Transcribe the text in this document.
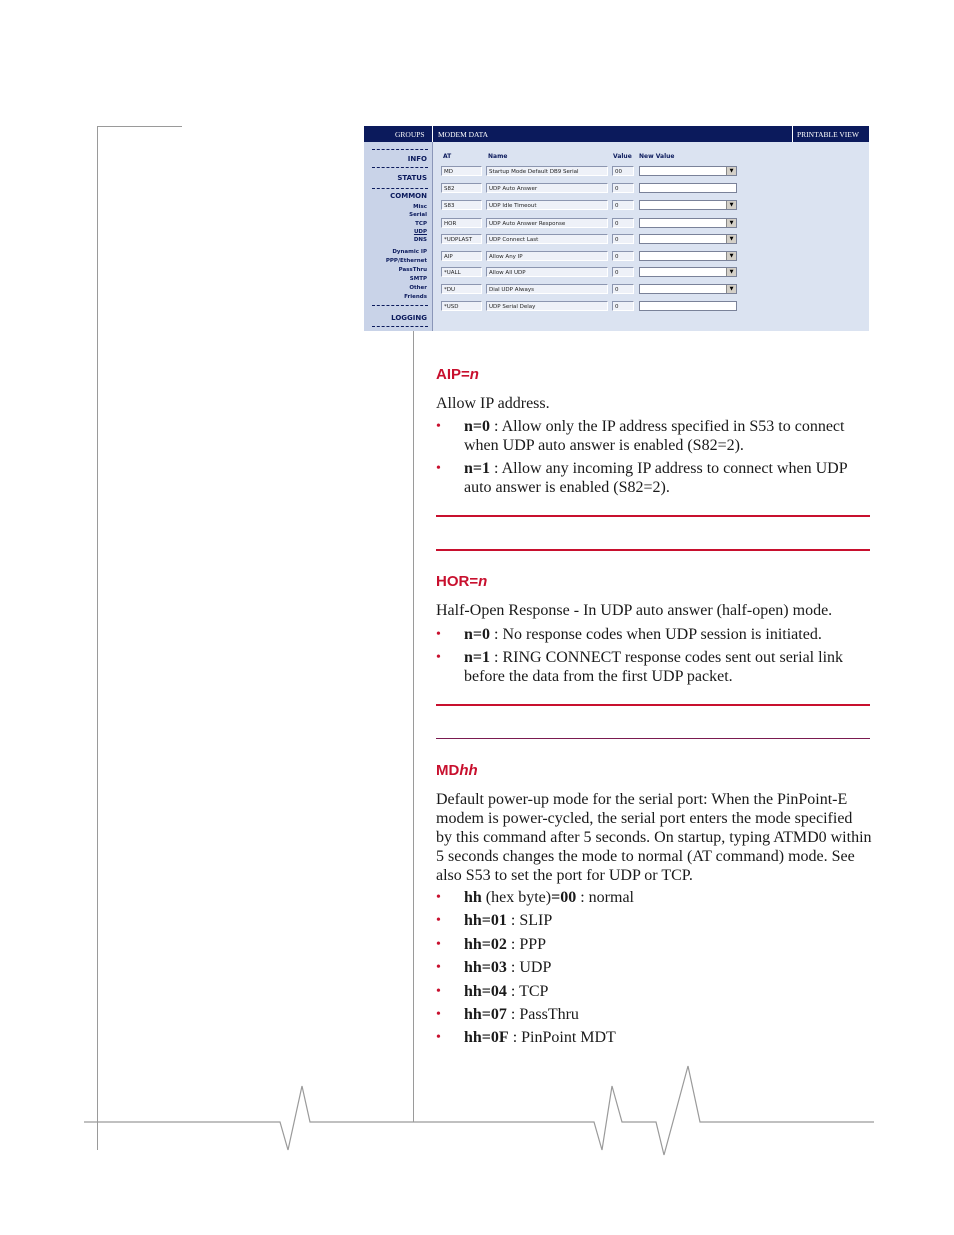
GROUPS MODEM DATA	PRINTABLE VIEW
INFO
STATUS
COMMON
Misc
Serial
TCP
UDP
DNS
Dynamic IP
PPP/Ethernet
PassThru
SMTP
Other
Friends
LOGGING
AT	Name	Value New Value
MD	Startup Mode Default DB9 Serial	00	▼
S82	UDP Auto Answer	0
S83	UDP Idle Timeout	0	▼
HOR	UDP Auto Answer Response	0	▼
*UDPLAST	UDP Connect Last	0	▼
AIP	Allow Any IP	0	▼
*UALL	Allow All UDP	0	▼
*DU	Dial UDP Always	0	▼
*USD	UDP Serial Delay	0
AIP=n
Allow IP address.
• n=0 : Allow only the IP address specified in S53 to connect when UDP auto answer is enabled (S82=2).
• n=1 : Allow any incoming IP address to connect when UDP auto answer is enabled (S82=2).
HOR=n
Half-Open Response - In UDP auto answer (half-open) mode.
• n=0 : No response codes when UDP session is initiated.
• n=1 : RING CONNECT response codes sent out serial link before the data from the first UDP packet.
MDhh
Default power-up mode for the serial port: When the PinPoint-E modem is power-cycled, the serial port enters the mode specified by this command after 5 seconds. On startup, typing ATMD0 within 5 seconds changes the mode to normal (AT command) mode. See also S53 to set the port for UDP or TCP.
• hh (hex byte)=00 : normal
• hh=01 : SLIP
• hh=02 : PPP
• hh=03 : UDP
• hh=04 : TCP
• hh=07 : PassThru
• hh=0F : PinPoint MDT
